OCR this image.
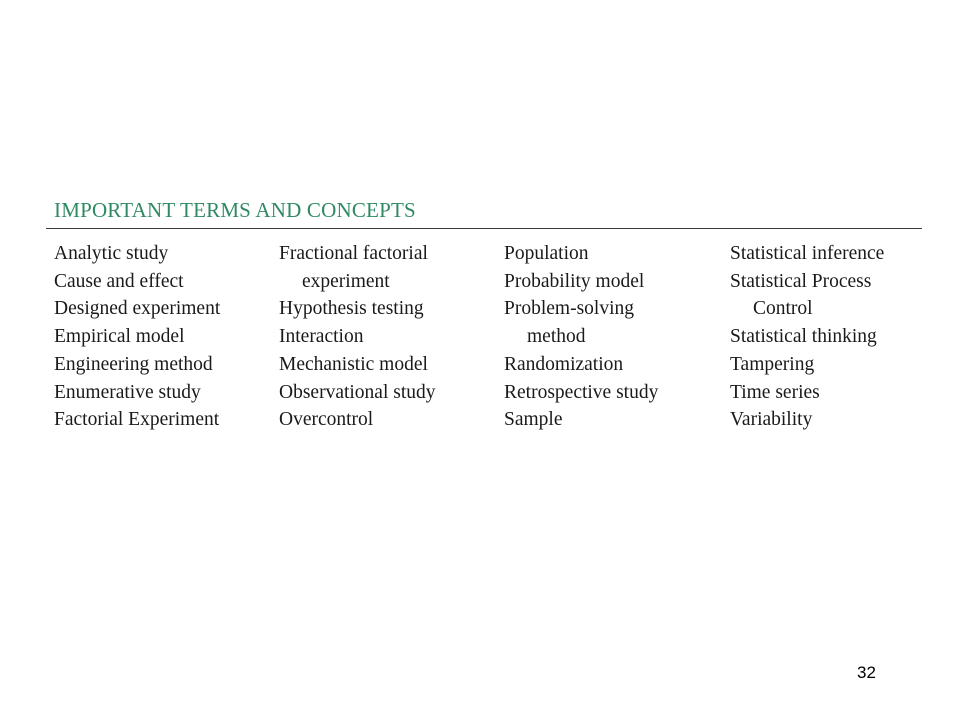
IMPORTANT TERMS AND CONCEPTS
Analytic study
Cause and effect
Designed experiment
Empirical model
Engineering method
Enumerative study
Factorial Experiment
Fractional factorial
experiment
Hypothesis testing
Interaction
Mechanistic model
Observational study
Overcontrol
Population
Probability model
Problem-solving
method
Randomization
Retrospective study
Sample
Statistical inference
Statistical Process
Control
Statistical thinking
Tampering
Time series
Variability
32
